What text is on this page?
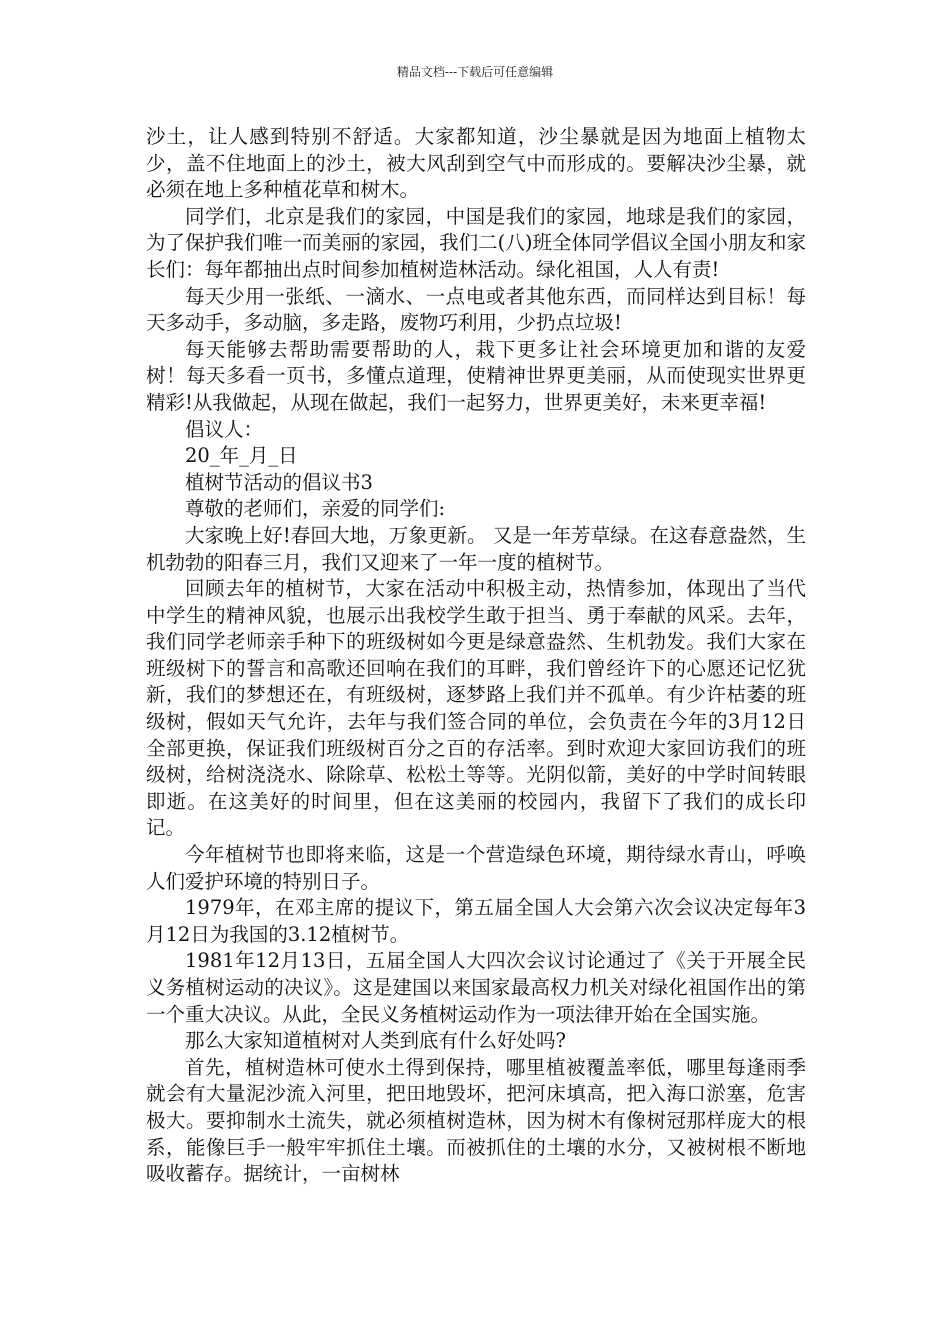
精品文档---下载后可任意编辑

沙土，让人感到特别不舒适。大家都知道，沙尘暴就是因为地面上植物太少，盖不住地面上的沙土，被大风刮到空气中而形成的。要解决沙尘暴，就必须在地上多种植花草和树木。

同学们，北京是我们的家园，中国是我们的家园，地球是我们的家园，为了保护我们唯一而美丽的家园，我们二(八)班全体同学倡议全国小朋友和家长们：每年都抽出点时间参加植树造林活动。绿化祖国，人人有责!

每天少用一张纸、一滴水、一点电或者其他东西，而同样达到目标！每天多动手，多动脑，多走路，废物巧利用，少扔点垃圾!

每天能够去帮助需要帮助的人，栽下更多让社会环境更加和谐的友爱树！每天多看一页书，多懂点道理，使精神世界更美丽，从而使现实世界更精彩!从我做起，从现在做起，我们一起努力，世界更美好，未来更幸福!

倡议人：

20_年_月_日

植树节活动的倡议书3

尊敬的老师们，亲爱的同学们:

大家晚上好!春回大地，万象更新。 又是一年芳草绿。在这春意盎然，生机勃勃的阳春三月，我们又迎来了一年一度的植树节。

回顾去年的植树节，大家在活动中积极主动，热情参加，体现出了当代中学生的精神风貌，也展示出我校学生敢于担当、勇于奉献的风采。去年，我们同学老师亲手种下的班级树如今更是绿意盎然、生机勃发。我们大家在班级树下的誓言和高歌还回响在我们的耳畔，我们曾经许下的心愿还记忆犹新，我们的梦想还在，有班级树，逐梦路上我们并不孤单。有少许枯萎的班级树，假如天气允许，去年与我们签合同的单位，会负责在今年的3月12日全部更换，保证我们班级树百分之百的存活率。到时欢迎大家回访我们的班级树，给树浇浇水、除除草、松松土等等。光阴似箭，美好的中学时间转眼即逝。在这美好的时间里，但在这美丽的校园内，我留下了我们的成长印记。

今年植树节也即将来临，这是一个营造绿色环境，期待绿水青山，呼唤人们爱护环境的特别日子。

1979年，在邓主席的提议下，第五届全国人大会第六次会议决定每年3月12日为我国的3.12植树节。

1981年12月13日，五届全国人大四次会议讨论通过了《关于开展全民义务植树运动的决议》。这是建国以来国家最高权力机关对绿化祖国作出的第一个重大决议。从此，全民义务植树运动作为一项法律开始在全国实施。

那么大家知道植树对人类到底有什么好处吗?

首先，植树造林可使水土得到保持，哪里植被覆盖率低，哪里每逢雨季就会有大量泥沙流入河里，把田地毁坏，把河床填高，把入海口淤塞，危害极大。要抑制水土流失，就必须植树造林，因为树木有像树冠那样庞大的根系，能像巨手一般牢牢抓住土壤。而被抓住的土壤的水分，又被树根不断地吸收蓄存。据统计，一亩树林
